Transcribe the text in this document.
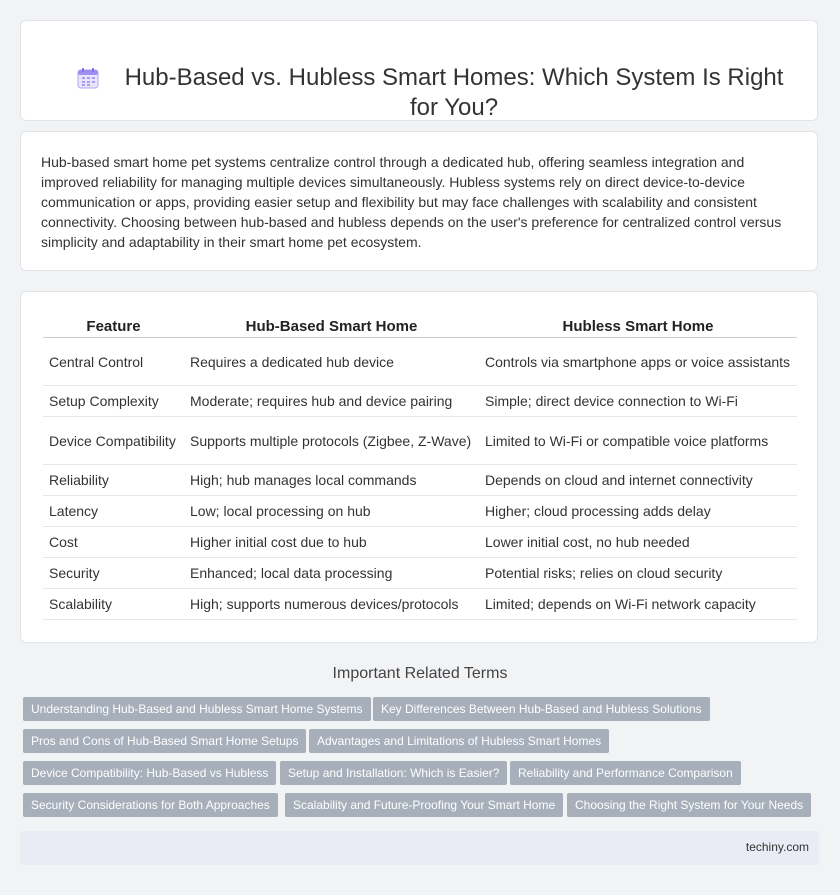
Hub-Based vs. Hubless Smart Homes: Which System Is Right for You?

Hub-based smart home pet systems centralize control through a dedicated hub, offering seamless integration and improved reliability for managing multiple devices simultaneously. Hubless systems rely on direct device-to-device communication or apps, providing easier setup and flexibility but may face challenges with scalability and consistent connectivity. Choosing between hub-based and hubless depends on the user's preference for centralized control versus simplicity and adaptability in their smart home pet ecosystem.

Feature	Hub-Based Smart Home	Hubless Smart Home
Central Control	Requires a dedicated hub device	Controls via smartphone apps or voice assistants
Setup Complexity	Moderate; requires hub and device pairing	Simple; direct device connection to Wi-Fi
Device Compatibility	Supports multiple protocols (Zigbee, Z-Wave)	Limited to Wi-Fi or compatible voice platforms
Reliability	High; hub manages local commands	Depends on cloud and internet connectivity
Latency	Low; local processing on hub	Higher; cloud processing adds delay
Cost	Higher initial cost due to hub	Lower initial cost, no hub needed
Security	Enhanced; local data processing	Potential risks; relies on cloud security
Scalability	High; supports numerous devices/protocols	Limited; depends on Wi-Fi network capacity
Important Related Terms
Understanding Hub-Based and Hubless Smart Home Systems	Key Differences Between Hub-Based and Hubless Solutions
Pros and Cons of Hub-Based Smart Home Setups	Advantages and Limitations of Hubless Smart Homes
Device Compatibility: Hub-Based vs Hubless	Setup and Installation: Which is Easier?	Reliability and Performance Comparison
Security Considerations for Both Approaches	Scalability and Future-Proofing Your Smart Home	Choosing the Right System for Your Needs
techiny.com
